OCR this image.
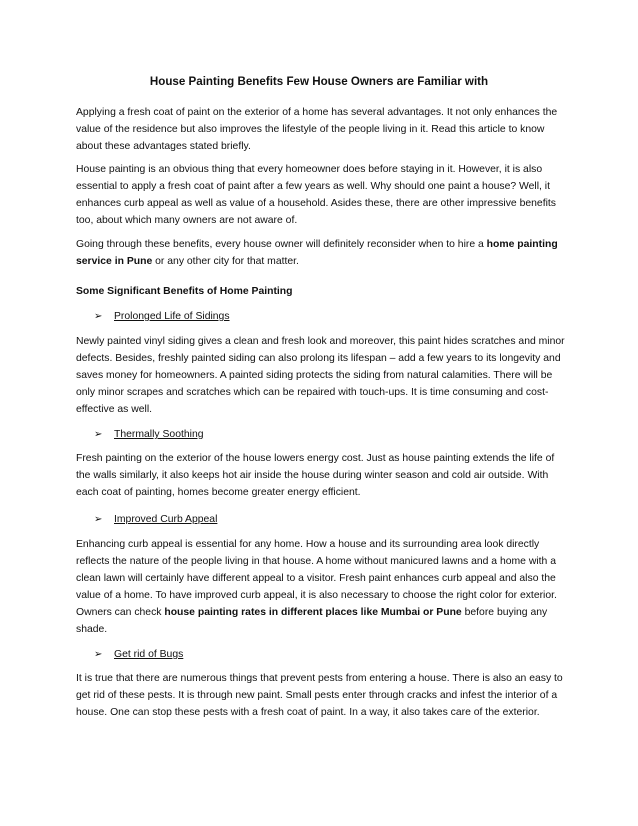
House Painting Benefits Few House Owners are Familiar with

Applying a fresh coat of paint on the exterior of a home has several advantages. It not only enhances the value of the residence but also improves the lifestyle of the people living in it. Read this article to know about these advantages stated briefly.

House painting is an obvious thing that every homeowner does before staying in it. However, it is also essential to apply a fresh coat of paint after a few years as well. Why should one paint a house? Well, it enhances curb appeal as well as value of a household. Asides these, there are other impressive benefits too, about which many owners are not aware of.

Going through these benefits, every house owner will definitely reconsider when to hire a home painting service in Pune or any other city for that matter.

Some Significant Benefits of Home Painting
➢	Prolonged Life of Sidings

Newly painted vinyl siding gives a clean and fresh look and moreover, this paint hides scratches and minor defects. Besides, freshly painted siding can also prolong its lifespan – add a few years to its longevity and saves money for homeowners. A painted siding protects the siding from natural calamities. There will be only minor scrapes and scratches which can be repaired with touch-ups. It is time consuming and cost-effective as well.

➢	Thermally Soothing

Fresh painting on the exterior of the house lowers energy cost. Just as house painting extends the life of the walls similarly, it also keeps hot air inside the house during winter season and cold air outside. With each coat of painting, homes become greater energy efficient.

➢	Improved Curb Appeal

Enhancing curb appeal is essential for any home. How a house and its surrounding area look directly reflects the nature of the people living in that house. A home without manicured lawns and a home with a clean lawn will certainly have different appeal to a visitor. Fresh paint enhances curb appeal and also the value of a home. To have improved curb appeal, it is also necessary to choose the right color for exterior. Owners can check house painting rates in different places like Mumbai or Pune before buying any shade.

➢	Get rid of Bugs

It is true that there are numerous things that prevent pests from entering a house. There is also an easy to get rid of these pests. It is through new paint. Small pests enter through cracks and infest the interior of a house. One can stop these pests with a fresh coat of paint. In a way, it also takes care of the exterior.
